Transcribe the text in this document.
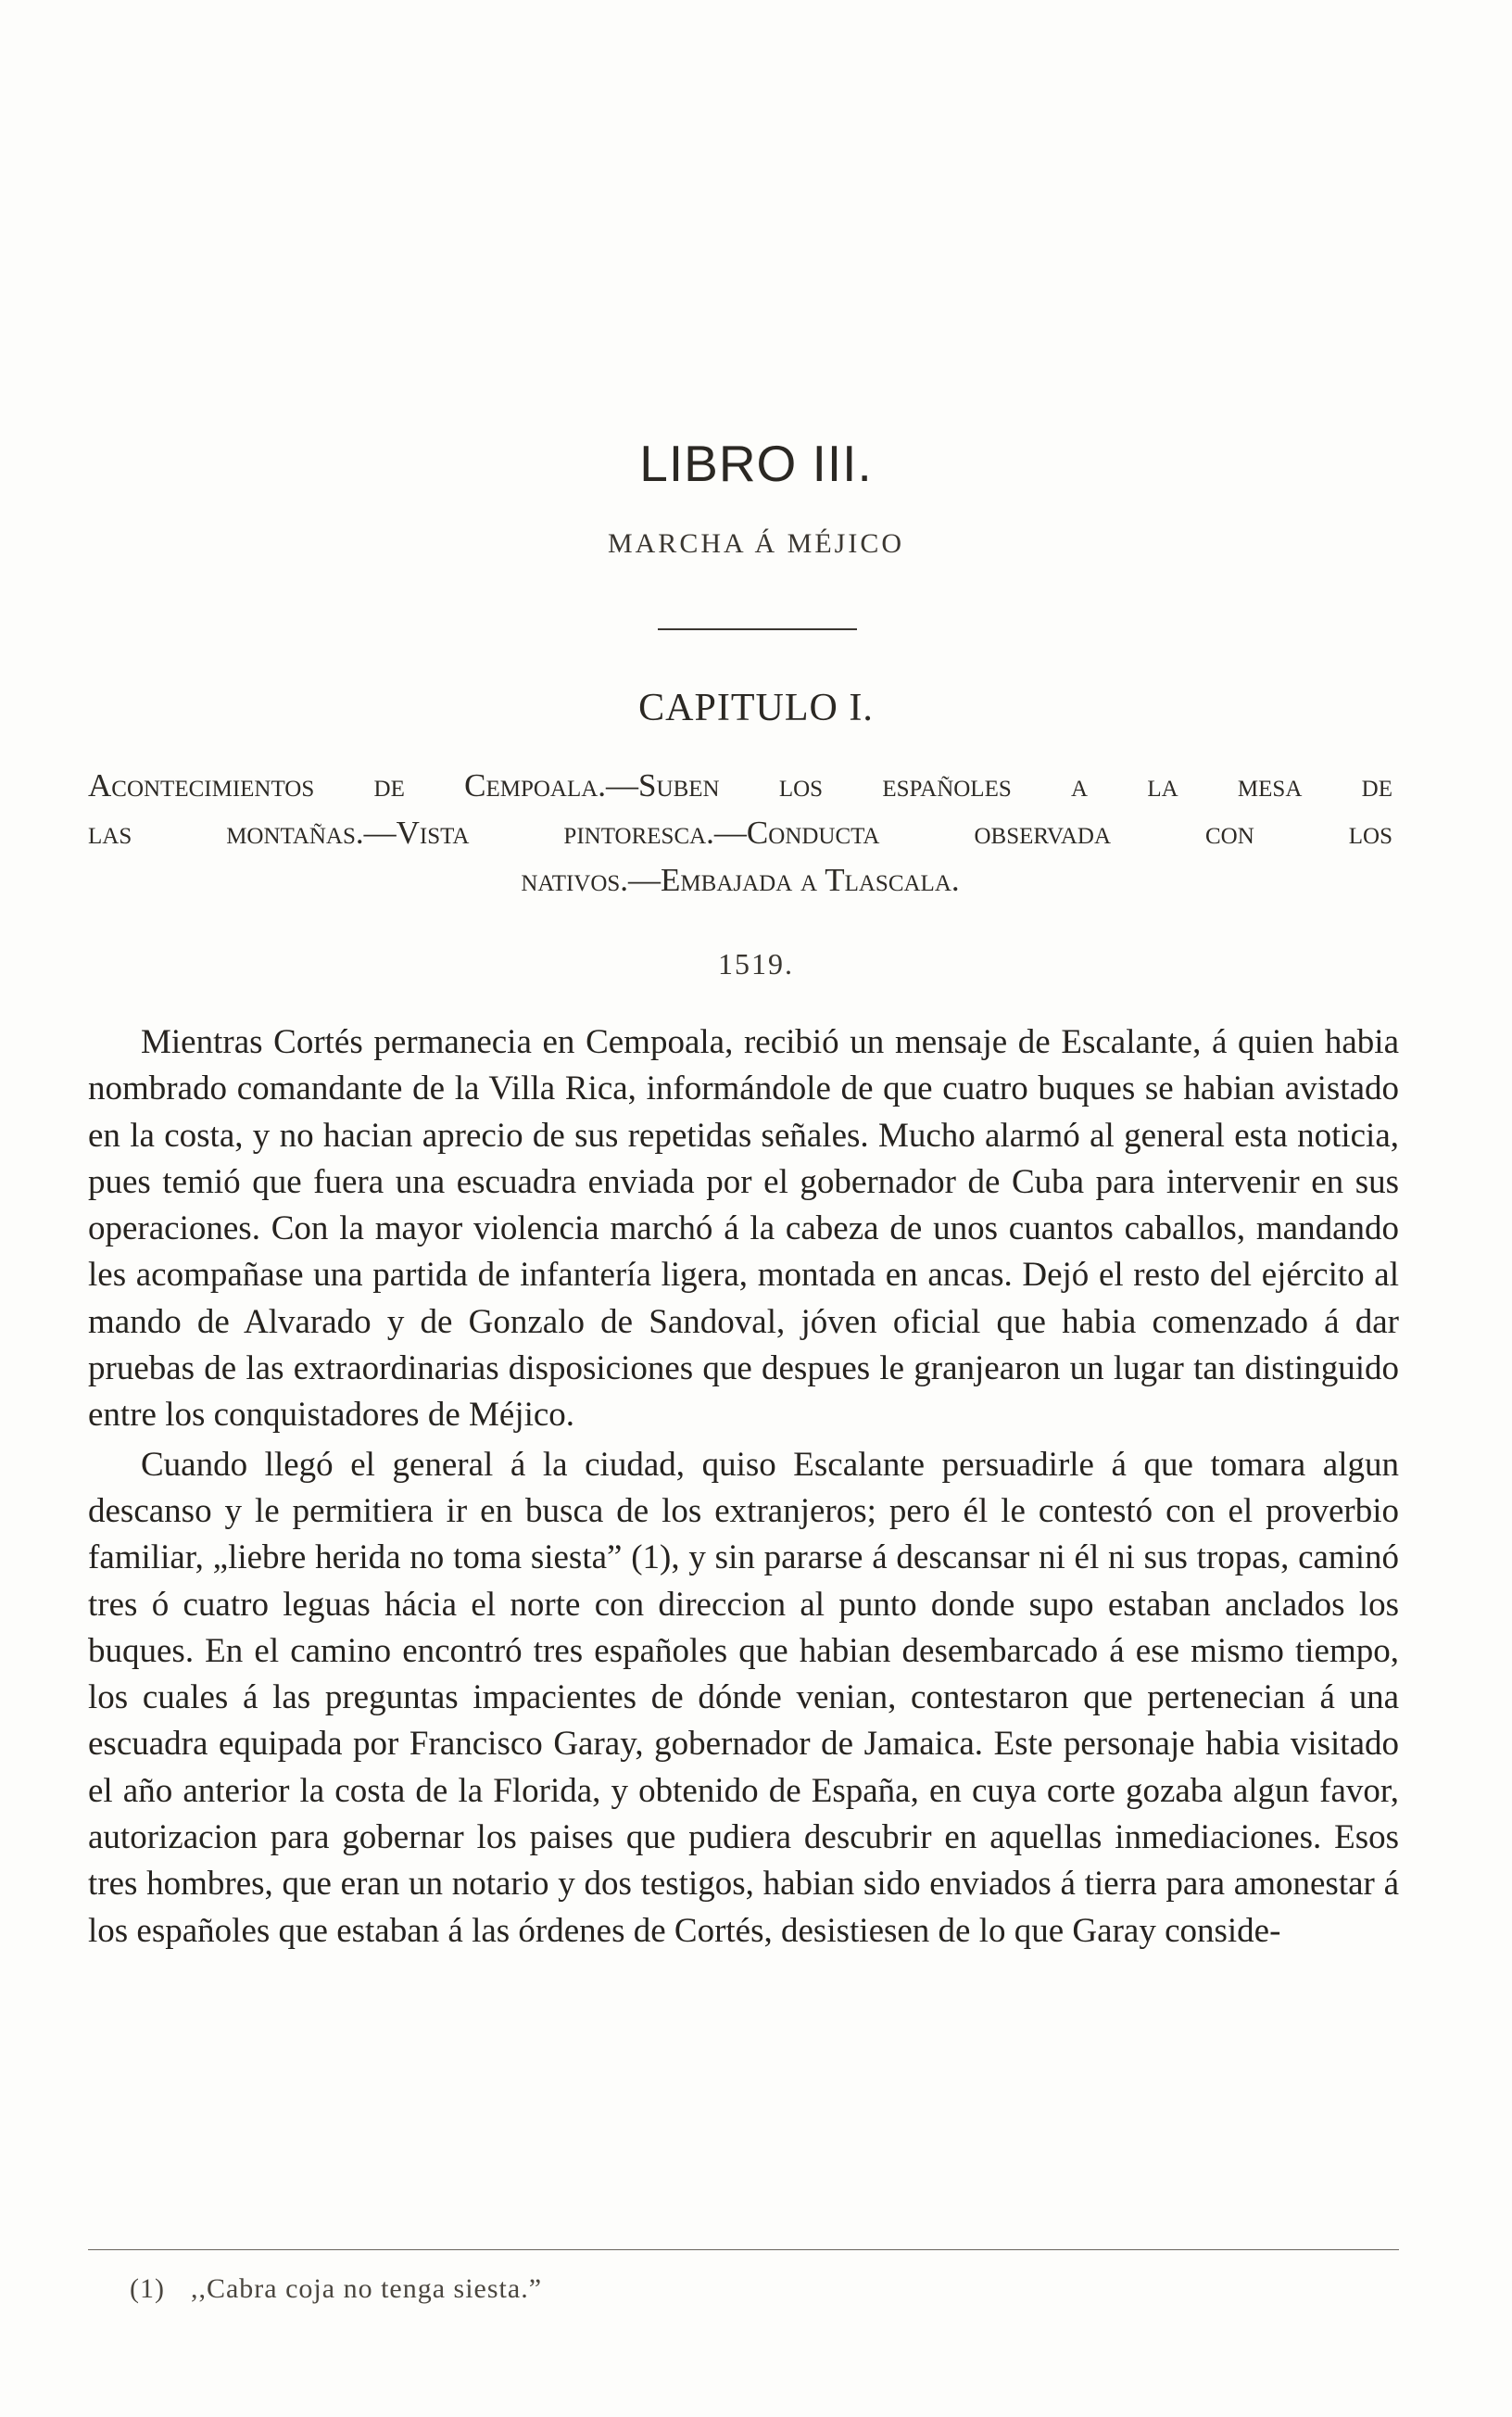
LIBRO III.
MARCHA Á MÉJICO
CAPITULO I.
Acontecimientos de Cempoala.—Suben los españoles a la mesa de
las montañas.—Vista pintoresca.—Conducta observada con los
nativos.—Embajada a Tlascala.
1519.

Mientras Cortés permanecia en Cempoala, recibió un mensaje de Escalante, á quien habia nombrado comandante de la Villa Rica, informándole de que cuatro buques se habian avistado en la costa, y no hacian aprecio de sus repetidas señales. Mucho alarmó al general esta noticia, pues temió que fuera una escuadra enviada por el gobernador de Cuba para intervenir en sus operaciones. Con la mayor violencia marchó á la cabeza de unos cuantos caballos, mandando les acompañase una partida de infantería ligera, montada en ancas. Dejó el resto del ejército al mando de Alvarado y de Gonzalo de Sandoval, jóven oficial que habia comenzado á dar pruebas de las extraordinarias disposiciones que despues le granjearon un lugar tan distinguido entre los conquistadores de Méjico.

Cuando llegó el general á la ciudad, quiso Escalante persuadirle á que tomara algun descanso y le permitiera ir en busca de los extranjeros; pero él le contestó con el proverbio familiar, „liebre herida no toma siesta” (1), y sin pararse á descansar ni él ni sus tropas, caminó tres ó cuatro leguas hácia el norte con direccion al punto donde supo estaban anclados los buques. En el camino encontró tres españoles que habian desembarcado á ese mismo tiempo, los cuales á las preguntas impacientes de dónde venian, contestaron que pertenecian á una escuadra equipada por Francisco Garay, gobernador de Jamaica. Este personaje habia visitado el año anterior la costa de la Florida, y obtenido de España, en cuya corte gozaba algun favor, autorizacion para gobernar los paises que pudiera descubrir en aquellas inmediaciones. Esos tres hombres, que eran un notario y dos testigos, habian sido enviados á tierra para amonestar á los españoles que estaban á las órdenes de Cortés, desistiesen de lo que Garay conside-

(1) ,,Cabra coja no tenga siesta.”
